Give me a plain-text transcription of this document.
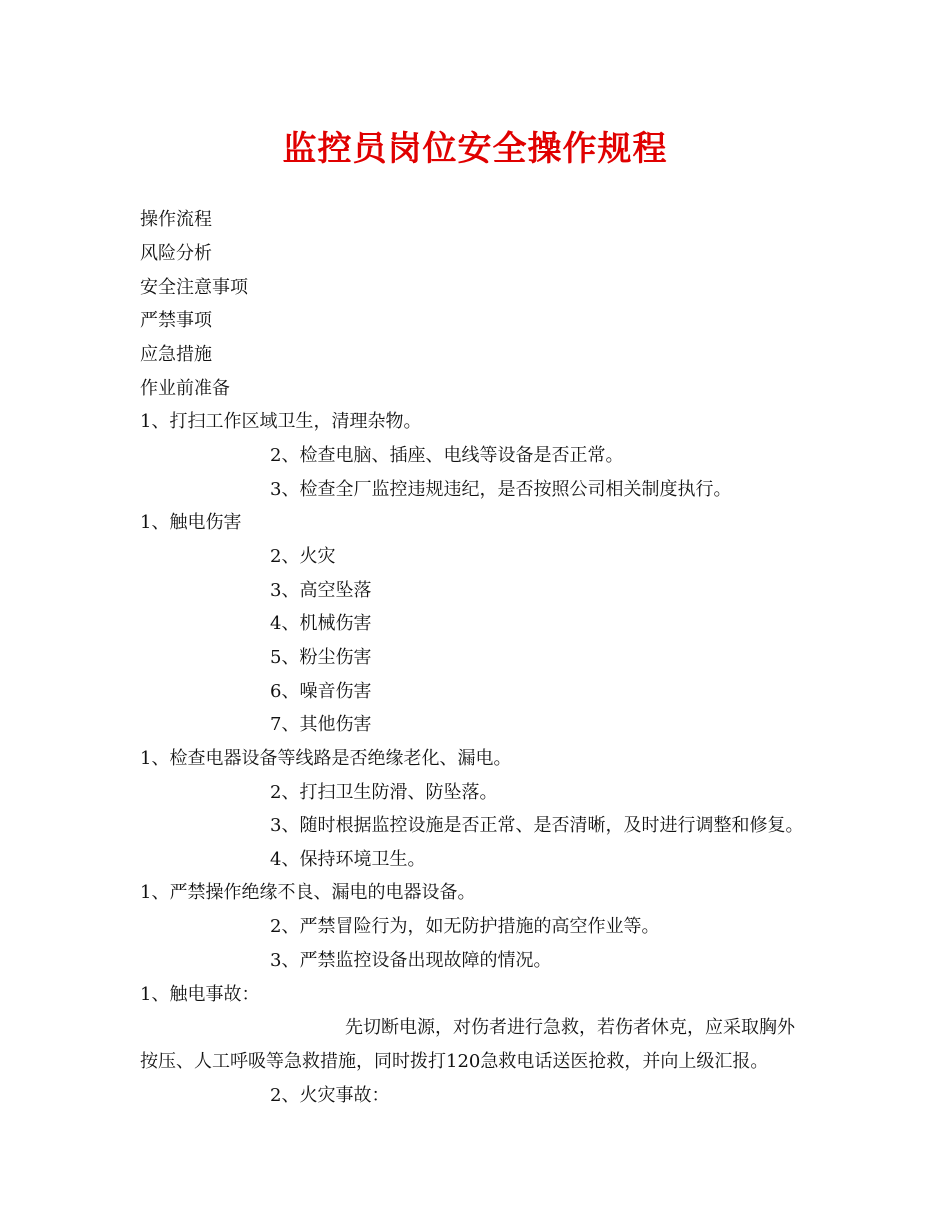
监控员岗位安全操作规程
操作流程
风险分析
安全注意事项
严禁事项
应急措施
作业前准备
1、打扫工作区域卫生，清理杂物。
2、检查电脑、插座、电线等设备是否正常。
3、检查全厂监控违规违纪，是否按照公司相关制度执行。
1、触电伤害
2、火灾
3、高空坠落
4、机械伤害
5、粉尘伤害
6、噪音伤害
7、其他伤害
1、检查电器设备等线路是否绝缘老化、漏电。
2、打扫卫生防滑、防坠落。
3、随时根据监控设施是否正常、是否清晰，及时进行调整和修复。
4、保持环境卫生。
1、严禁操作绝缘不良、漏电的电器设备。
2、严禁冒险行为，如无防护措施的高空作业等。
3、严禁监控设备出现故障的情况。
1、触电事故：
先切断电源，对伤者进行急救，若伤者休克，应采取胸外
按压、人工呼吸等急救措施，同时拨打120急救电话送医抢救，并向上级汇报。
2、火灾事故：
